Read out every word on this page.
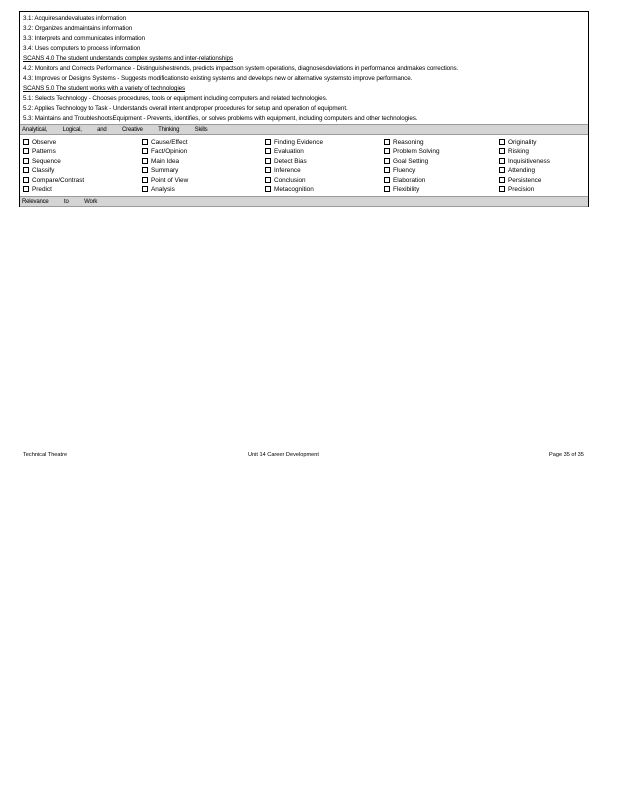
3.1: Acquiresandevaluates information
3.2: Organizes andmaintains information
3.3: Interprets and communicates information
3.4: Uses computers to process information
SCANS 4.0 The student understands complex systems and inter-relationships
4.2: Monitors and Corrects Performance - Distinguishestrends, predicts impactson system operations, diagnosesdeviations in performance andmakes corrections.
4.3: Improves or Designs Systems - Suggests modificationsto existing systems and develops new or alternative systemsto improve performance.
SCANS 5.0 The student works with a variety of technologies
5.1: Selects Technology - Chooses procedures, tools or equipment including computers and related technologies.
5.2: Applies Technology to Task - Understands overall intent andproper procedures for setup and operation of equipment.
5.3: Maintains and TroubleshootsEquipment - Prevents, identifies, or solves problems with equipment, including computers and other technologies.
Analytical, Logical, and Creative Thinking Skills
Observe
Patterns
Sequence
Classify
Compare/Contrast
Predict
Cause/Effect
Fact/Opinion
Main Idea
Summary
Point of View
Analysis
Finding Evidence
Evaluation
Detect Bias
Inference
Conclusion
Metacognition
Reasoning
Problem Solving
Goal Setting
Fluency
Elaboration
Flexibility
Originality
Risking
Inquisitiveness
Attending
Persistence
Precision
Relevance to Work
Technical Theatre	Unit 14 Career Development	Page 35 of 35
